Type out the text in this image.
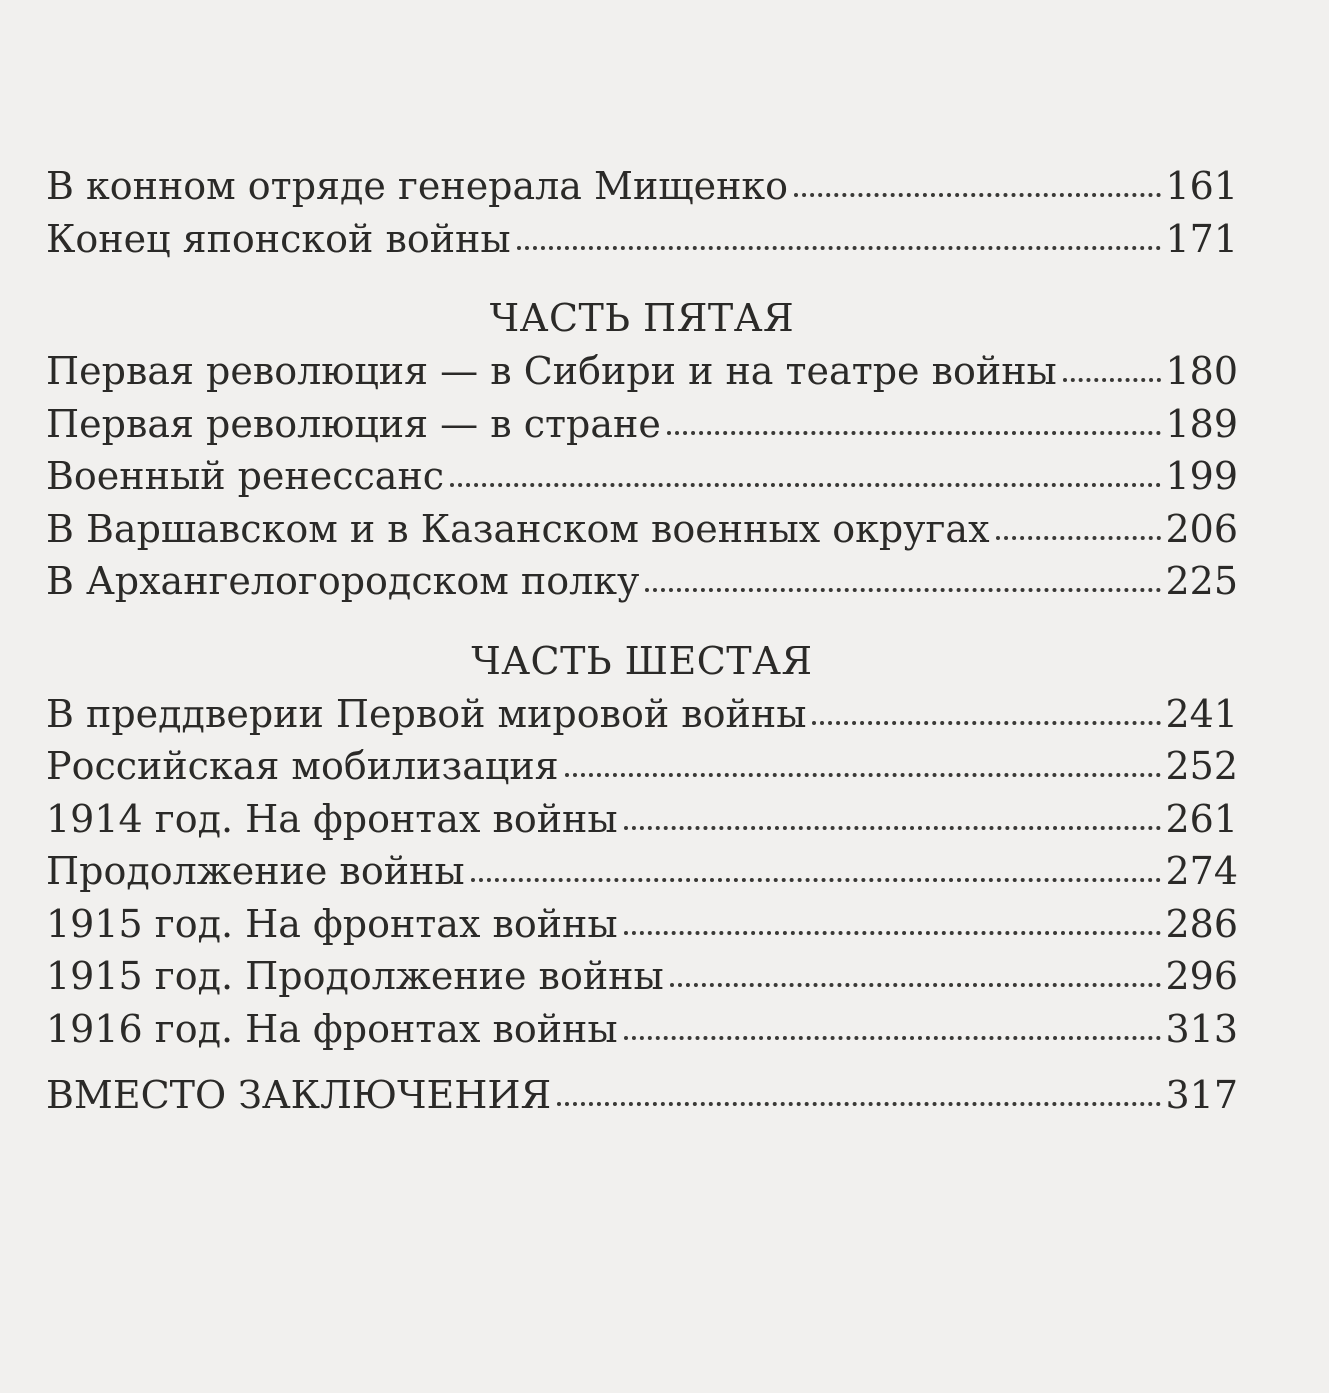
В конном отряде генерала Мищенко	161
Конец японской войны	171
ЧАСТЬ ПЯТАЯ
Первая революция — в Сибири и на театре войны	180
Первая революция — в стране	189
Военный ренессанс	199
В Варшавском и в Казанском военных округах	206
В Архангелогородском полку	225
ЧАСТЬ ШЕСТАЯ
В преддверии Первой мировой войны	241
Российская мобилизация	252
1914 год. На фронтах войны	261
Продолжение войны	274
1915 год. На фронтах войны	286
1915 год. Продолжение войны	296
1916 год. На фронтах войны	313
ВМЕСТО ЗАКЛЮЧЕНИЯ	317
